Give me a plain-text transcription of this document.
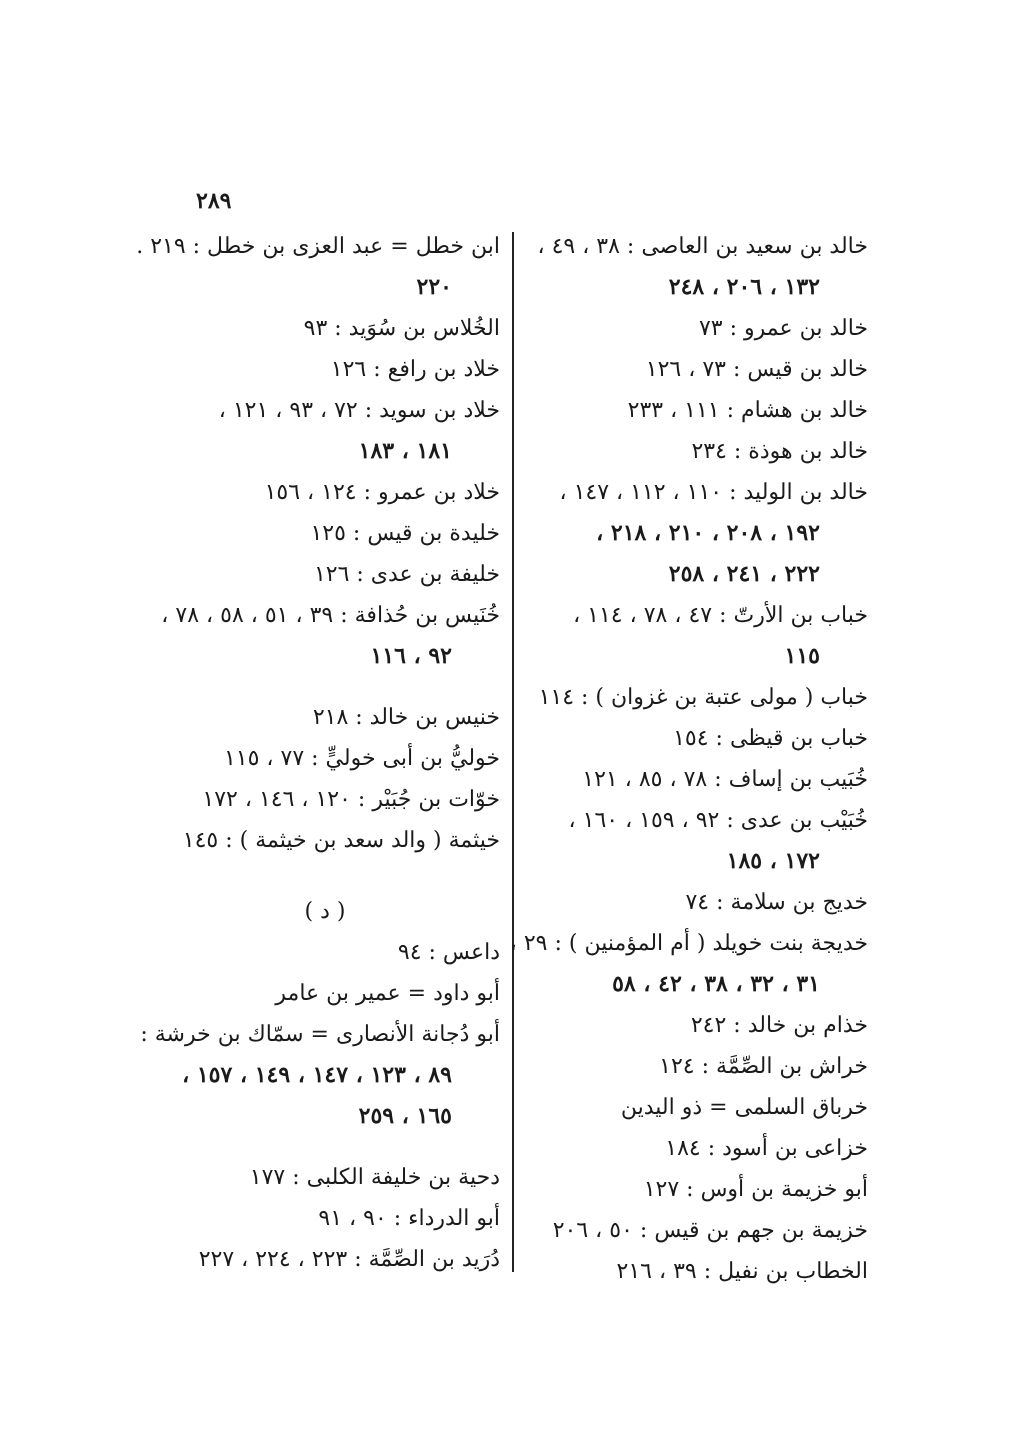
٢٨٩
خالد بن سعيد بن العاصى : ٣٨ ، ٤٩ ،
١٣٢ ، ٢٠٦ ، ٢٤٨
خالد بن عمرو : ٧٣
خالد بن قيس : ٧٣ ، ١٢٦
خالد بن هشام : ١١١ ، ٢٣٣
خالد بن هوذة : ٢٣٤
خالد بن الوليد : ١١٠ ، ١١٢ ، ١٤٧ ،
١٩٢ ، ٢٠٨ ، ٢١٠ ، ٢١٨ ،
٢٢٢ ، ٢٤١ ، ٢٥٨
خباب بن الأرتّ : ٤٧ ، ٧٨ ، ١١٤ ،
١١٥
خباب ( مولى عتبة بن غزوان ) : ١١٤
خباب بن قيظى : ١٥٤
خُبَيب بن إساف : ٧٨ ، ٨٥ ، ١٢١
خُبَيْب بن عدى : ٩٢ ، ١٥٩ ، ١٦٠ ،
١٧٢ ، ١٨٥
خديج بن سلامة : ٧٤
خديجة بنت خويلد ( أم المؤمنين ) : ٢٩ ،
٣١ ، ٣٢ ، ٣٨ ، ٤٢ ، ٥٨
خذام بن خالد : ٢٤٢
خراش بن الصِّمَّة : ١٢٤
خرباق السلمى = ذو اليدين
خزاعى بن أسود : ١٨٤
أبو خزيمة بن أوس : ١٢٧
خزيمة بن جهم بن قيس : ٥٠ ، ٢٠٦
الخطاب بن نفيل : ٣٩ ، ٢١٦
ابن خطل = عبد العزى بن خطل : ٢١٩ .
٢٢٠
الخُلاس بن سُوَيد : ٩٣
خلاد بن رافع : ١٢٦
خلاد بن سويد : ٧٢ ، ٩٣ ، ١٢١ ،
١٨١ ، ١٨٣
خلاد بن عمرو : ١٢٤ ، ١٥٦
خليدة بن قيس : ١٢٥
خليفة بن عدى : ١٢٦
خُنَيس بن حُذافة : ٣٩ ، ٥١ ، ٥٨ ، ٧٨ ،
٩٢ ، ١١٦
خنيس بن خالد : ٢١٨
خوليُّ بن أبى خوليٍّ : ٧٧ ، ١١٥
خوّات بن جُبَيْر : ١٢٠ ، ١٤٦ ، ١٧٢
خيثمة ( والد سعد بن خيثمة ) : ١٤٥
( د )
داعس : ٩٤
أبو داود = عمير بن عامر
أبو دُجانة الأنصارى = سمّاك بن خرشة :
٨٩ ، ١٢٣ ، ١٤٧ ، ١٤٩ ، ١٥٧ ،
١٦٥ ، ٢٥٩
دحية بن خليفة الكلبى : ١٧٧
أبو الدرداء : ٩٠ ، ٩١
دُرَيد بن الصِّمَّة : ٢٢٣ ، ٢٢٤ ، ٢٢٧
